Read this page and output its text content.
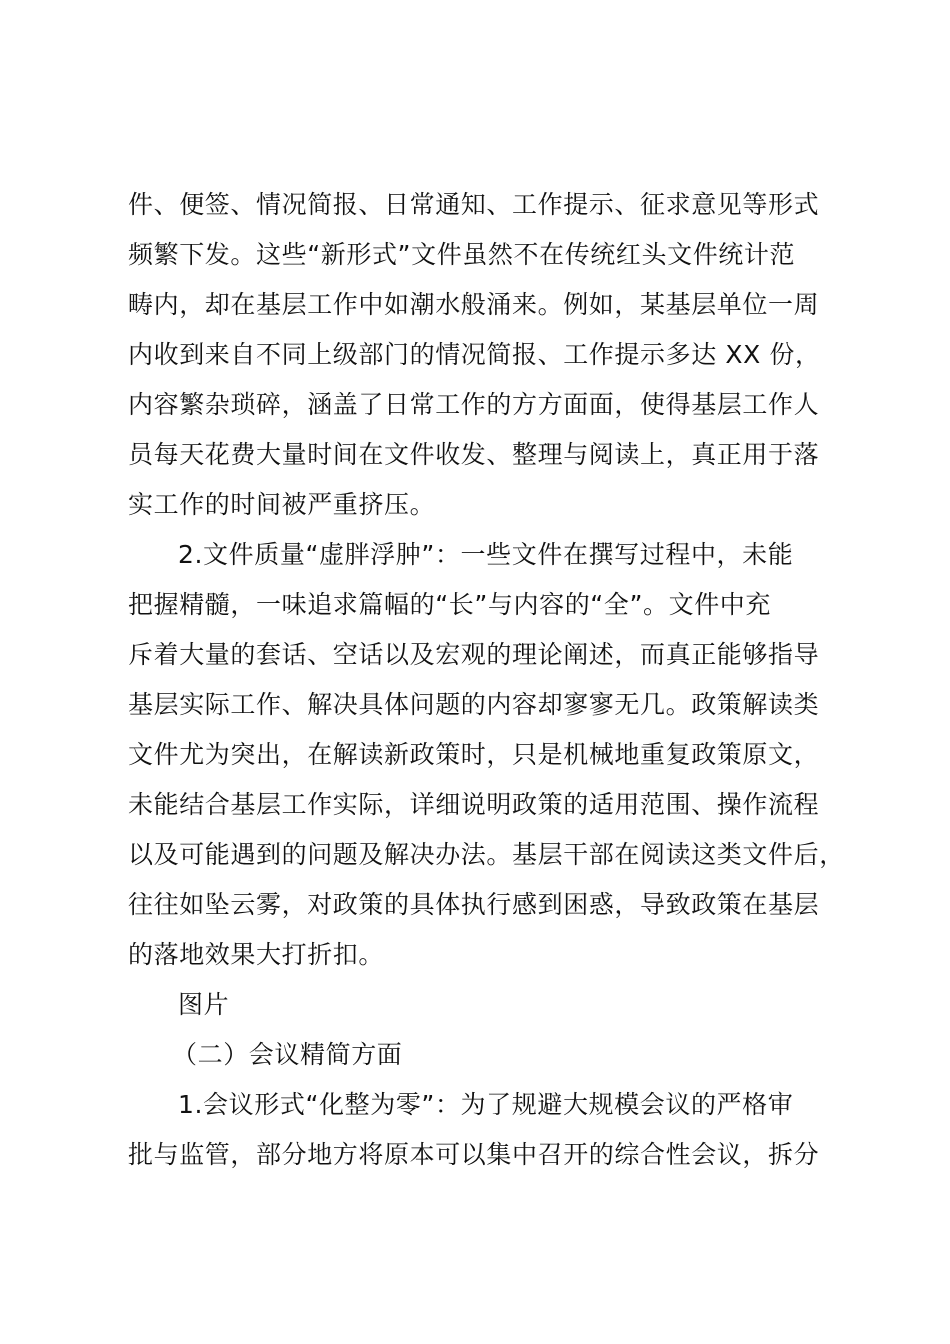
件、便签、情况简报、日常通知、工作提示、征求意见等形式
频繁下发。这些“新形式”文件虽然不在传统红头文件统计范
畴内，却在基层工作中如潮水般涌来。例如，某基层单位一周
内收到来自不同上级部门的情况简报、工作提示多达 XX 份，
内容繁杂琐碎，涵盖了日常工作的方方面面，使得基层工作人
员每天花费大量时间在文件收发、整理与阅读上，真正用于落
实工作的时间被严重挤压。
2.文件质量“虚胖浮肿”：一些文件在撰写过程中，未能
把握精髓，一味追求篇幅的“长”与内容的“全”。文件中充
斥着大量的套话、空话以及宏观的理论阐述，而真正能够指导
基层实际工作、解决具体问题的内容却寥寥无几。政策解读类
文件尤为突出，在解读新政策时，只是机械地重复政策原文，
未能结合基层工作实际，详细说明政策的适用范围、操作流程
以及可能遇到的问题及解决办法。基层干部在阅读这类文件后，
往往如坠云雾，对政策的具体执行感到困惑，导致政策在基层
的落地效果大打折扣。
图片
（二）会议精简方面
1.会议形式“化整为零”：为了规避大规模会议的严格审
批与监管，部分地方将原本可以集中召开的综合性会议，拆分
